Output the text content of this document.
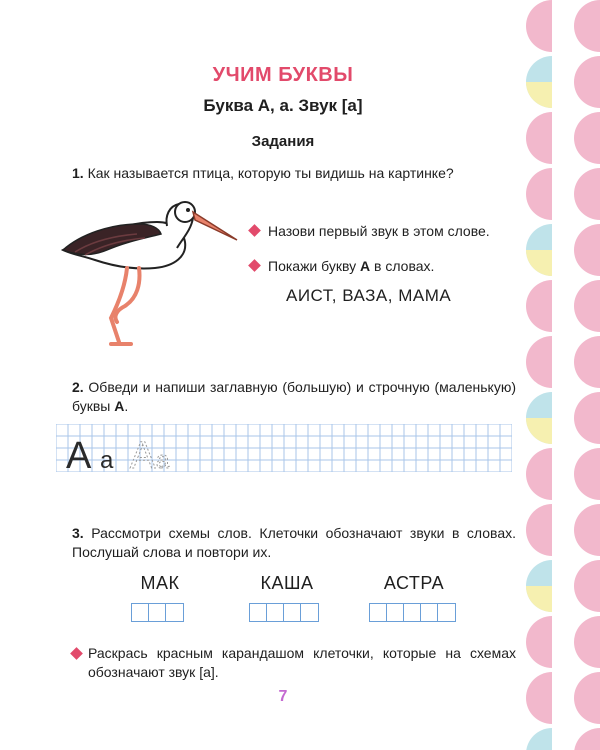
УЧИМ БУКВЫ
Буква А, а. Звук [а]
Задания
1. Как называется птица, которую ты видишь на картинке?
Назови первый звук в этом слове.
Покажи букву А в словах.
АИСТ, ВАЗА, МАМА
2. Обведи и напиши заглавную (большую) и строчную (маленькую) буквы А.
А а А а
3. Рассмотри схемы слов. Клеточки обозначают звуки в словах. Послушай слова и повтори их.
МАК	КАША	АСТРА
Раскрась красным карандашом клеточки, которые на схемах обозначают звук [а].
7
